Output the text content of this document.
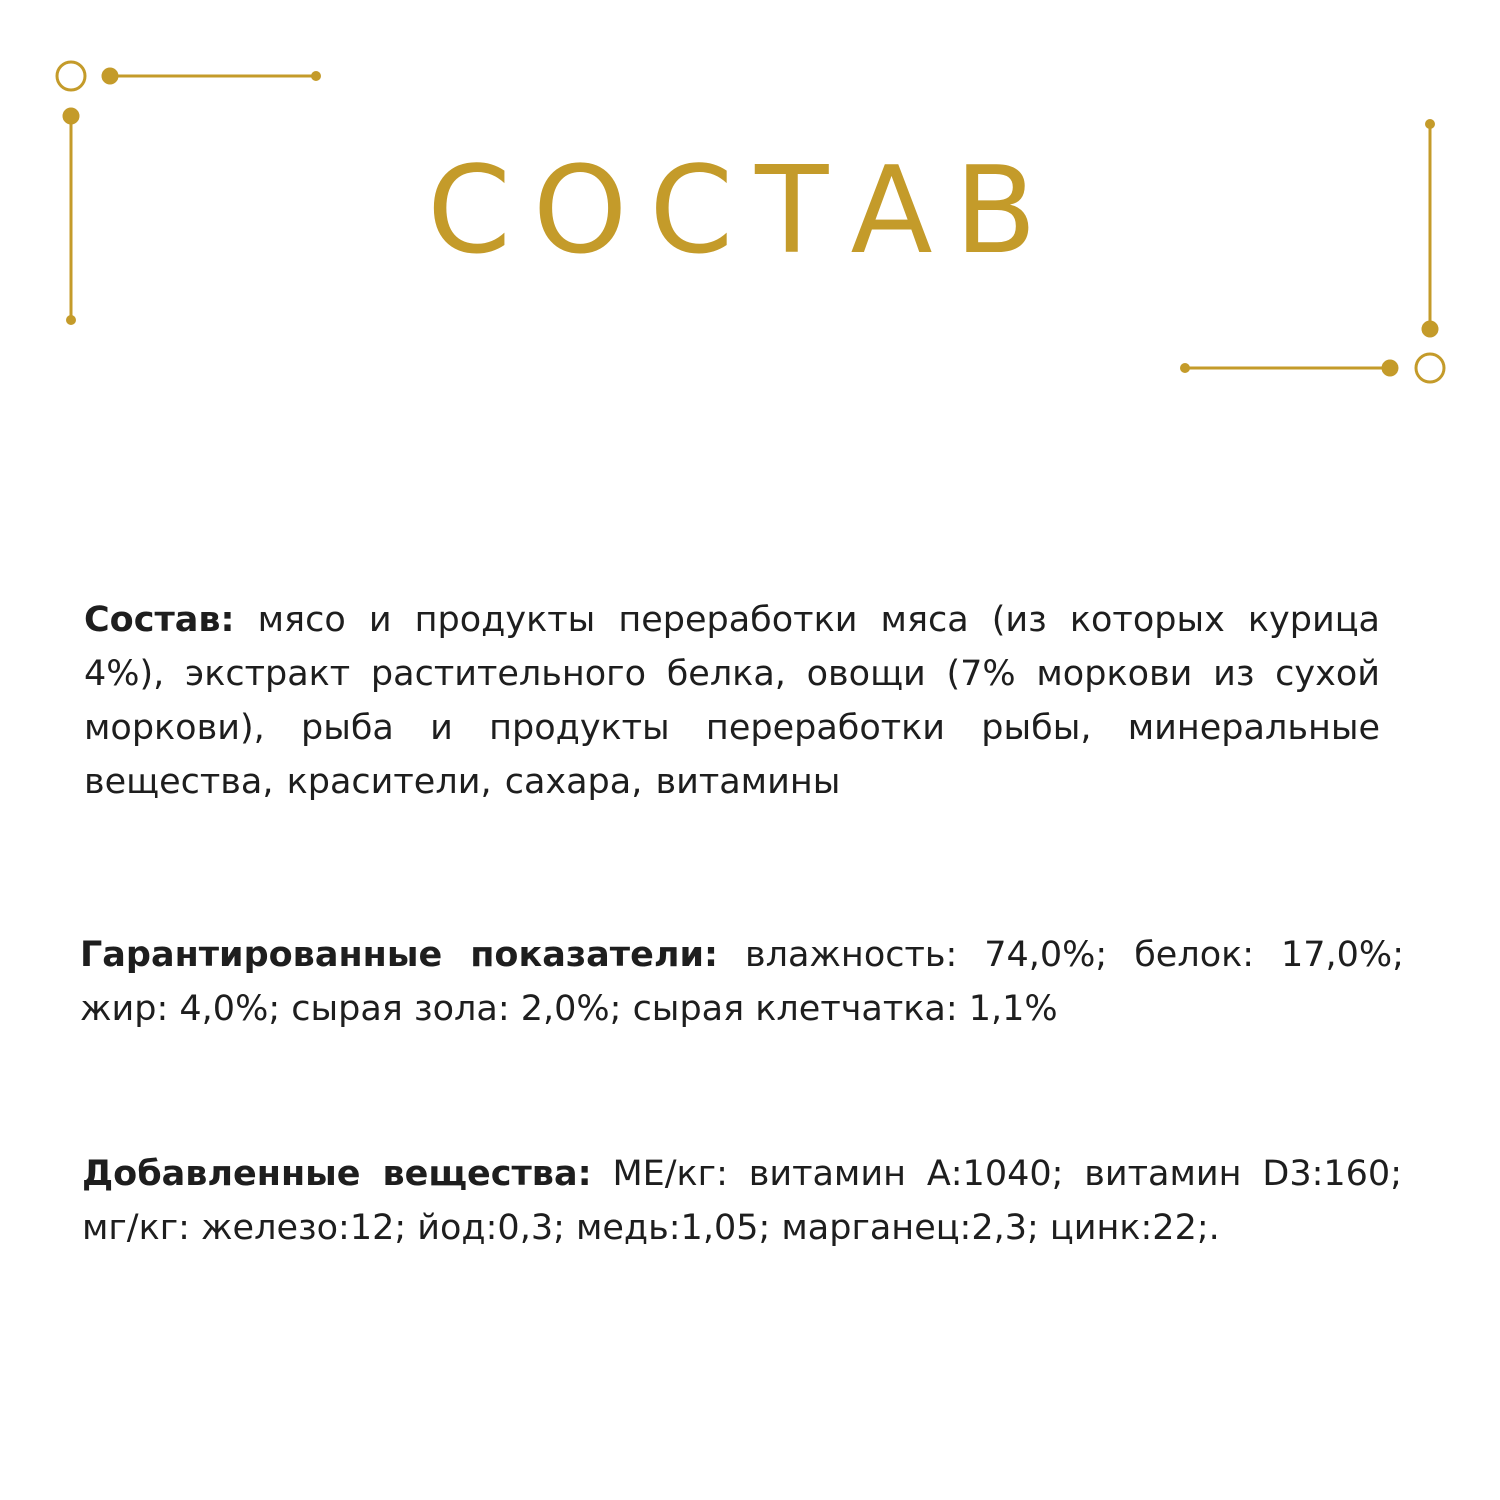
СОСТАВ

Состав: мясо и продукты переработки мяса (из которых курица 4%), экстракт растительного белка, овощи (7% моркови из сухой моркови), рыба и продукты переработки рыбы, минеральные вещества, красители, сахара, витамины

Гарантированные показатели: влажность: 74,0%; белок: 17,0%; жир: 4,0%; сырая зола: 2,0%; сырая клетчатка: 1,1%

Добавленные вещества: МЕ/кг: витамин А:1040; витамин D3:160; мг/кг: железо:12; йод:0,3; медь:1,05; марганец:2,3; цинк:22;.
